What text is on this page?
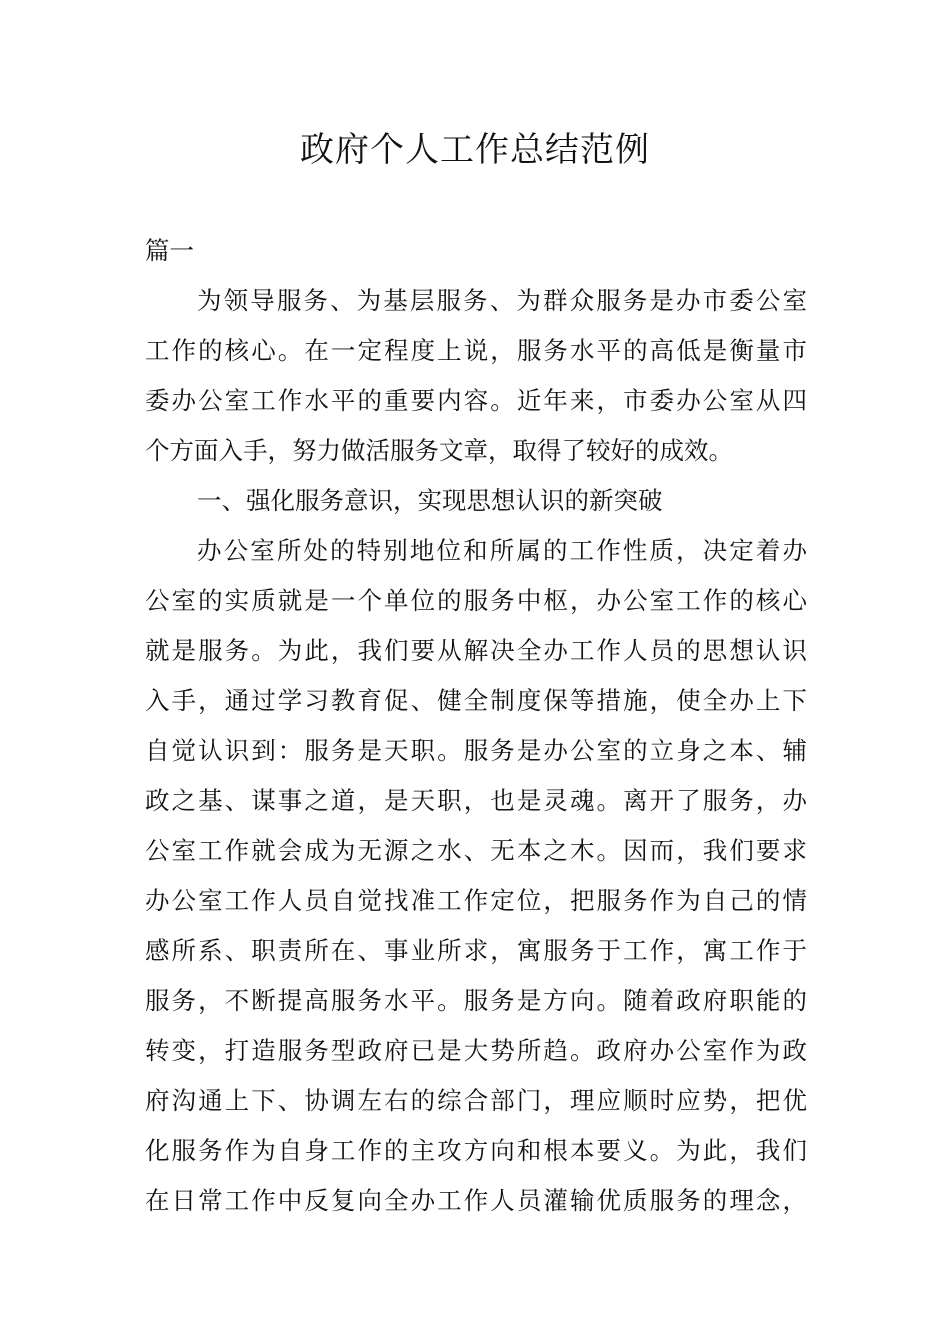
政府个人工作总结范例
篇一
为领导服务、为基层服务、为群众服务是办市委公室
工作的核心。在一定程度上说，服务水平的高低是衡量市
委办公室工作水平的重要内容。近年来，市委办公室从四
个方面入手，努力做活服务文章，取得了较好的成效。
一、强化服务意识，实现思想认识的新突破
办公室所处的特别地位和所属的工作性质，决定着办
公室的实质就是一个单位的服务中枢，办公室工作的核心
就是服务。为此，我们要从解决全办工作人员的思想认识
入手，通过学习教育促、健全制度保等措施，使全办上下
自觉认识到：服务是天职。服务是办公室的立身之本、辅
政之基、谋事之道，是天职，也是灵魂。离开了服务，办
公室工作就会成为无源之水、无本之木。因而，我们要求
办公室工作人员自觉找准工作定位，把服务作为自己的情
感所系、职责所在、事业所求，寓服务于工作，寓工作于
服务，不断提高服务水平。服务是方向。随着政府职能的
转变，打造服务型政府已是大势所趋。政府办公室作为政
府沟通上下、协调左右的综合部门，理应顺时应势，把优
化服务作为自身工作的主攻方向和根本要义。为此，我们
在日常工作中反复向全办工作人员灌输优质服务的理念，
